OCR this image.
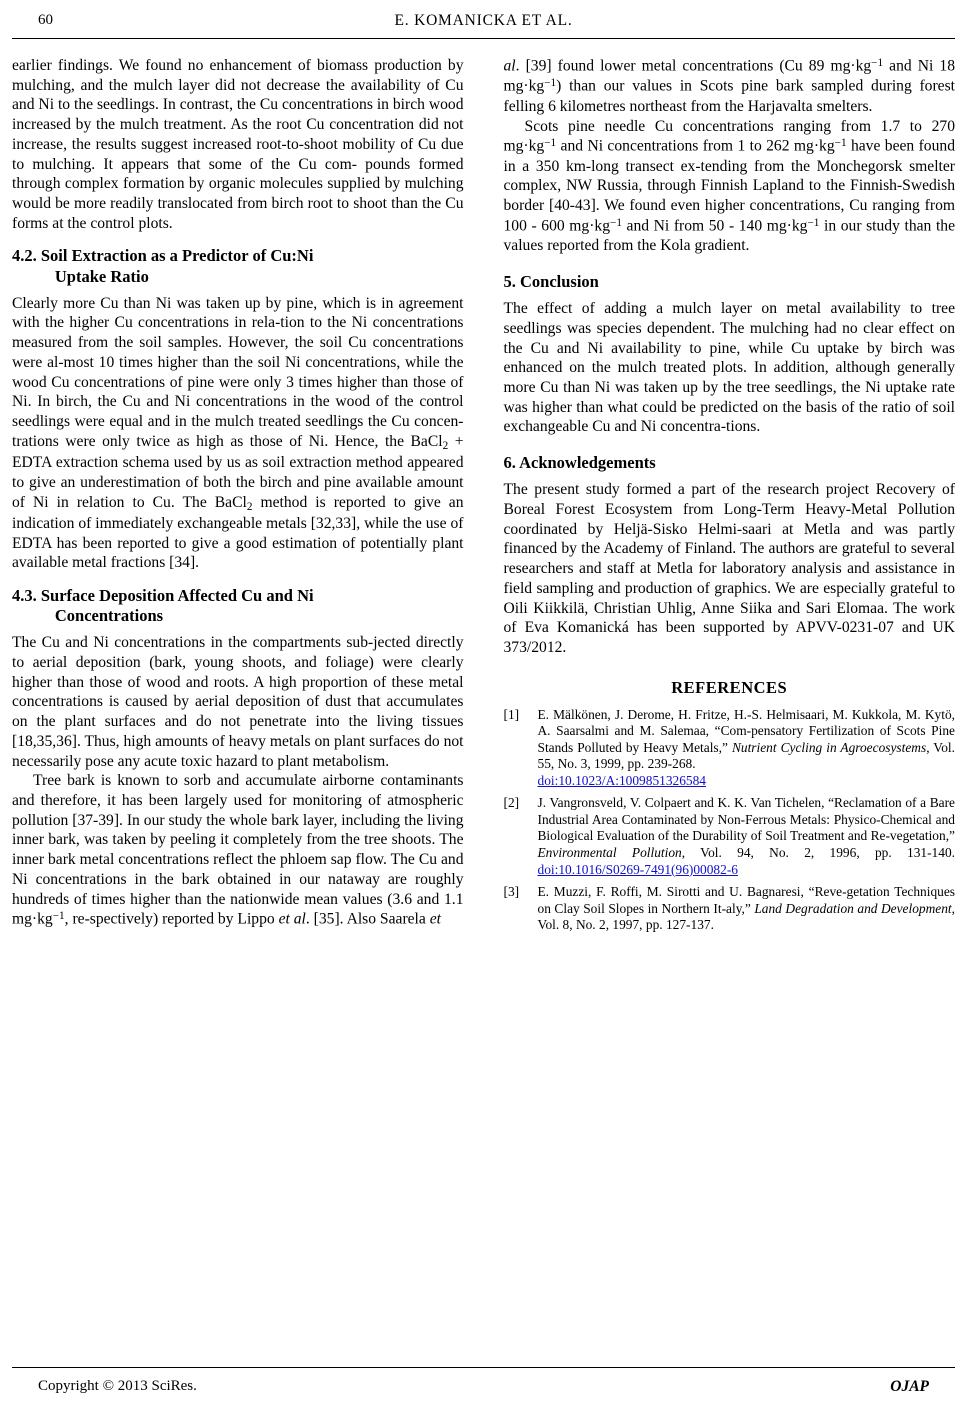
60	E. KOMANICKA ET AL.

earlier findings. We found no enhancement of biomass production by mulching, and the mulch layer did not decrease the availability of Cu and Ni to the seedlings. In contrast, the Cu concentrations in birch wood increased by the mulch treatment. As the root Cu concentration did not increase, the results suggest increased root-to-shoot mobility of Cu due to mulching. It appears that some of the Cu com- pounds formed through complex formation by organic molecules supplied by mulching would be more readily translocated from birch root to shoot than the Cu forms at the control plots.

4.2. Soil Extraction as a Predictor of Cu:Ni
Uptake Ratio

Clearly more Cu than Ni was taken up by pine, which is in agreement with the higher Cu concentrations in rela-tion to the Ni concentrations measured from the soil samples. However, the soil Cu concentrations were al-most 10 times higher than the soil Ni concentrations, while the wood Cu concentrations of pine were only 3 times higher than those of Ni. In birch, the Cu and Ni concentrations in the wood of the control seedlings were equal and in the mulch treated seedlings the Cu concen-trations were only twice as high as those of Ni. Hence, the BaCl$_2$ + EDTA extraction schema used by us as soil extraction method appeared to give an underestimation of both the birch and pine available amount of Ni in relation to Cu. The BaCl$_2$ method is reported to give an indication of immediately exchangeable metals [32,33], while the use of EDTA has been reported to give a good estimation of potentially plant available metal fractions [34].

4.3. Surface Deposition Affected Cu and Ni
Concentrations

The Cu and Ni concentrations in the compartments sub-jected directly to aerial deposition (bark, young shoots, and foliage) were clearly higher than those of wood and roots. A high proportion of these metal concentrations is caused by aerial deposition of dust that accumulates on the plant surfaces and do not penetrate into the living tissues [18,35,36]. Thus, high amounts of heavy metals on plant surfaces do not necessarily pose any acute toxic hazard to plant metabolism.

Tree bark is known to sorb and accumulate airborne contaminants and therefore, it has been largely used for monitoring of atmospheric pollution [37-39]. In our study the whole bark layer, including the living inner bark, was taken by peeling it completely from the tree shoots. The inner bark metal concentrations reflect the phloem sap flow. The Cu and Ni concentrations in the bark obtained in our nataway are roughly hundreds of times higher than the nationwide mean values (3.6 and 1.1 $mg\cdot kg^{-1}$, re-spectively) reported by Lippo et al. [35]. Also Saarela et

al. [39] found lower metal concentrations (Cu 89 $mg\cdot kg^{-1}$ and Ni 18 $mg\cdot kg^{-1}$) than our values in Scots pine bark sampled during forest felling 6 kilometres northeast from the Harjavalta smelters.

Scots pine needle Cu concentrations ranging from 1.7 to 270 $mg\cdot kg^{-1}$ and Ni concentrations from 1 to 262 $mg\cdot kg^{-1}$ have been found in a 350 km-long transect ex-tending from the Monchegorsk smelter complex, NW Russia, through Finnish Lapland to the Finnish-Swedish border [40-43]. We found even higher concentrations, Cu ranging from 100 - 600 $mg\cdot kg^{-1}$ and Ni from 50 - 140 $mg\cdot kg^{-1}$ in our study than the values reported from the Kola gradient.

5. Conclusion

The effect of adding a mulch layer on metal availability to tree seedlings was species dependent. The mulching had no clear effect on the Cu and Ni availability to pine, while Cu uptake by birch was enhanced on the mulch treated plots. In addition, although generally more Cu than Ni was taken up by the tree seedlings, the Ni uptake rate was higher than what could be predicted on the basis of the ratio of soil exchangeable Cu and Ni concentra-tions.

6. Acknowledgements

The present study formed a part of the research project Recovery of Boreal Forest Ecosystem from Long-Term Heavy-Metal Pollution coordinated by Heljä-Sisko Helmi-saari at Metla and was partly financed by the Academy of Finland. The authors are grateful to several researchers and staff at Metla for laboratory analysis and assistance in field sampling and production of graphics. We are especially grateful to Oili Kiikkilä, Christian Uhlig, Anne Siika and Sari Elomaa. The work of Eva Komanická has been supported by APVV-0231-07 and UK 373/2012.

REFERENCES
[1]	E. Mälkönen, J. Derome, H. Fritze, H.-S. Helmisaari, M. Kukkola, M. Kytö, A. Saarsalmi and M. Salemaa, “Com-pensatory Fertilization of Scots Pine Stands Polluted by Heavy Metals,” Nutrient Cycling in Agroecosystems, Vol. 55, No. 3, 1999, pp. 239-268.
doi:10.1023/A:1009851326584
[2]	J. Vangronsveld, V. Colpaert and K. K. Van Tichelen, “Reclamation of a Bare Industrial Area Contaminated by Non-Ferrous Metals: Physico-Chemical and Biological Evaluation of the Durability of Soil Treatment and Re-vegetation,” Environmental Pollution, Vol. 94, No. 2, 1996, pp. 131-140. doi:10.1016/S0269-7491(96)00082-6
[3]	E. Muzzi, F. Roffi, M. Sirotti and U. Bagnaresi, “Reve-getation Techniques on Clay Soil Slopes in Northern It-aly,” Land Degradation and Development, Vol. 8, No. 2, 1997, pp. 127-137.
Copyright © 2013 SciRes.	OJAP
